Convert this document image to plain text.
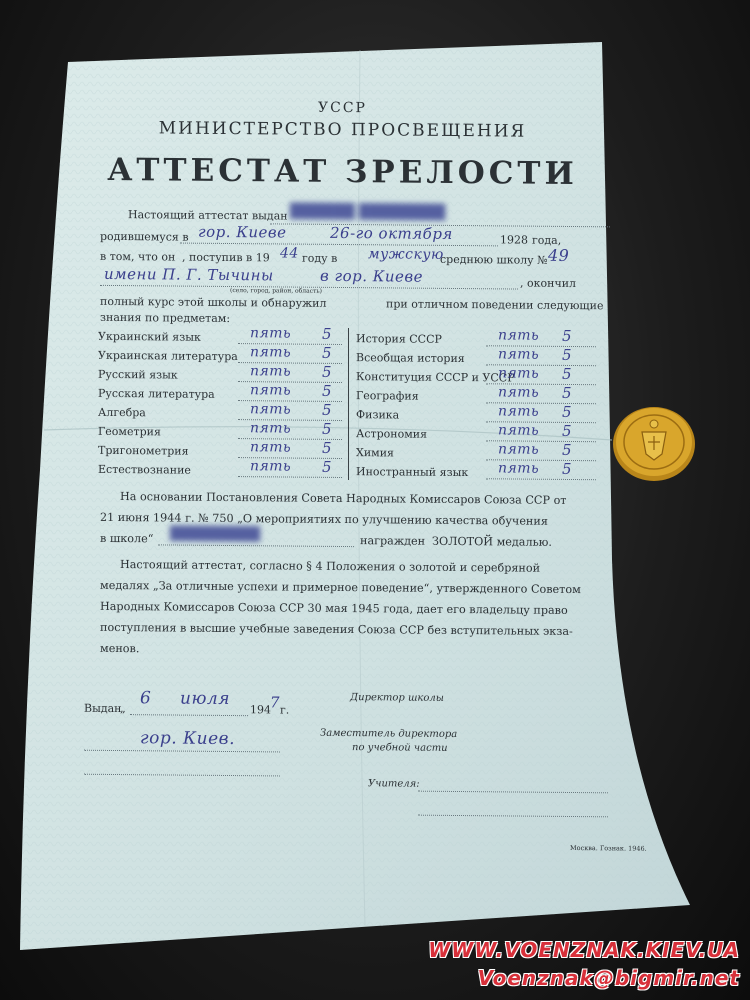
УССР
МИНИСТЕРСТВО ПРОСВЕЩЕНИЯ
АТТЕСТАТ ЗРЕЛОСТИ
Настоящий аттестат выдан ██████ ████████
родившемуся в гор. Киеве	26-го октября	19 28 года,
в том, что он , поступив в 19 44 году в мужскую
среднюю школу № 49
имени П. Г. Тычины	в гор. Киеве
(село, город, район, область)
, окончил
полный курс этой школы и обнаружил	при отличном поведении следующие
знания по предметам:
Украинский язык	пять 5
Украинская литература пять 5
Русский язык	пять 5
Русская литература	пять 5
Алгебра	пять 5
Геометрия	пять 5
Тригонометрия	пять 5
Естествознание	пять 5
История СССР	пять 5
Всеобщая история пять 5
Конституция СССР и УССР
пять 5
География	пять 5
Физика	пять 5
Астрономия	пять 5
Химия	пять 5
Иностранный язык пять 5
На основании Постановления Совета Народных Комиссаров Союза ССР от
21 июня 1944 г. № 750 „О мероприятиях по улучшению качества обучения
в школе“ █████████	награжден ЗОЛОТОЙ медалью.
Настоящий аттестат, согласно § 4 Положения о золотой и серебряной
медалях „За отличные успехи и примерное поведение“, утвержденного Советом
Народных Комиссаров Союза ССР 30 мая 1945 года, дает его владельцу право
поступления в высшие учебные заведения Союза ССР без вступительных экза-
менов.
Выдан
„
6 июля
194 7 г.
гор. Киев.
Директор школы
Заместитель директора
по учебной части
Учителя:
Москва. Гознак. 1946.
WWW.VOENZNAK.KIEV.UA
Voenznak@bigmir.net
